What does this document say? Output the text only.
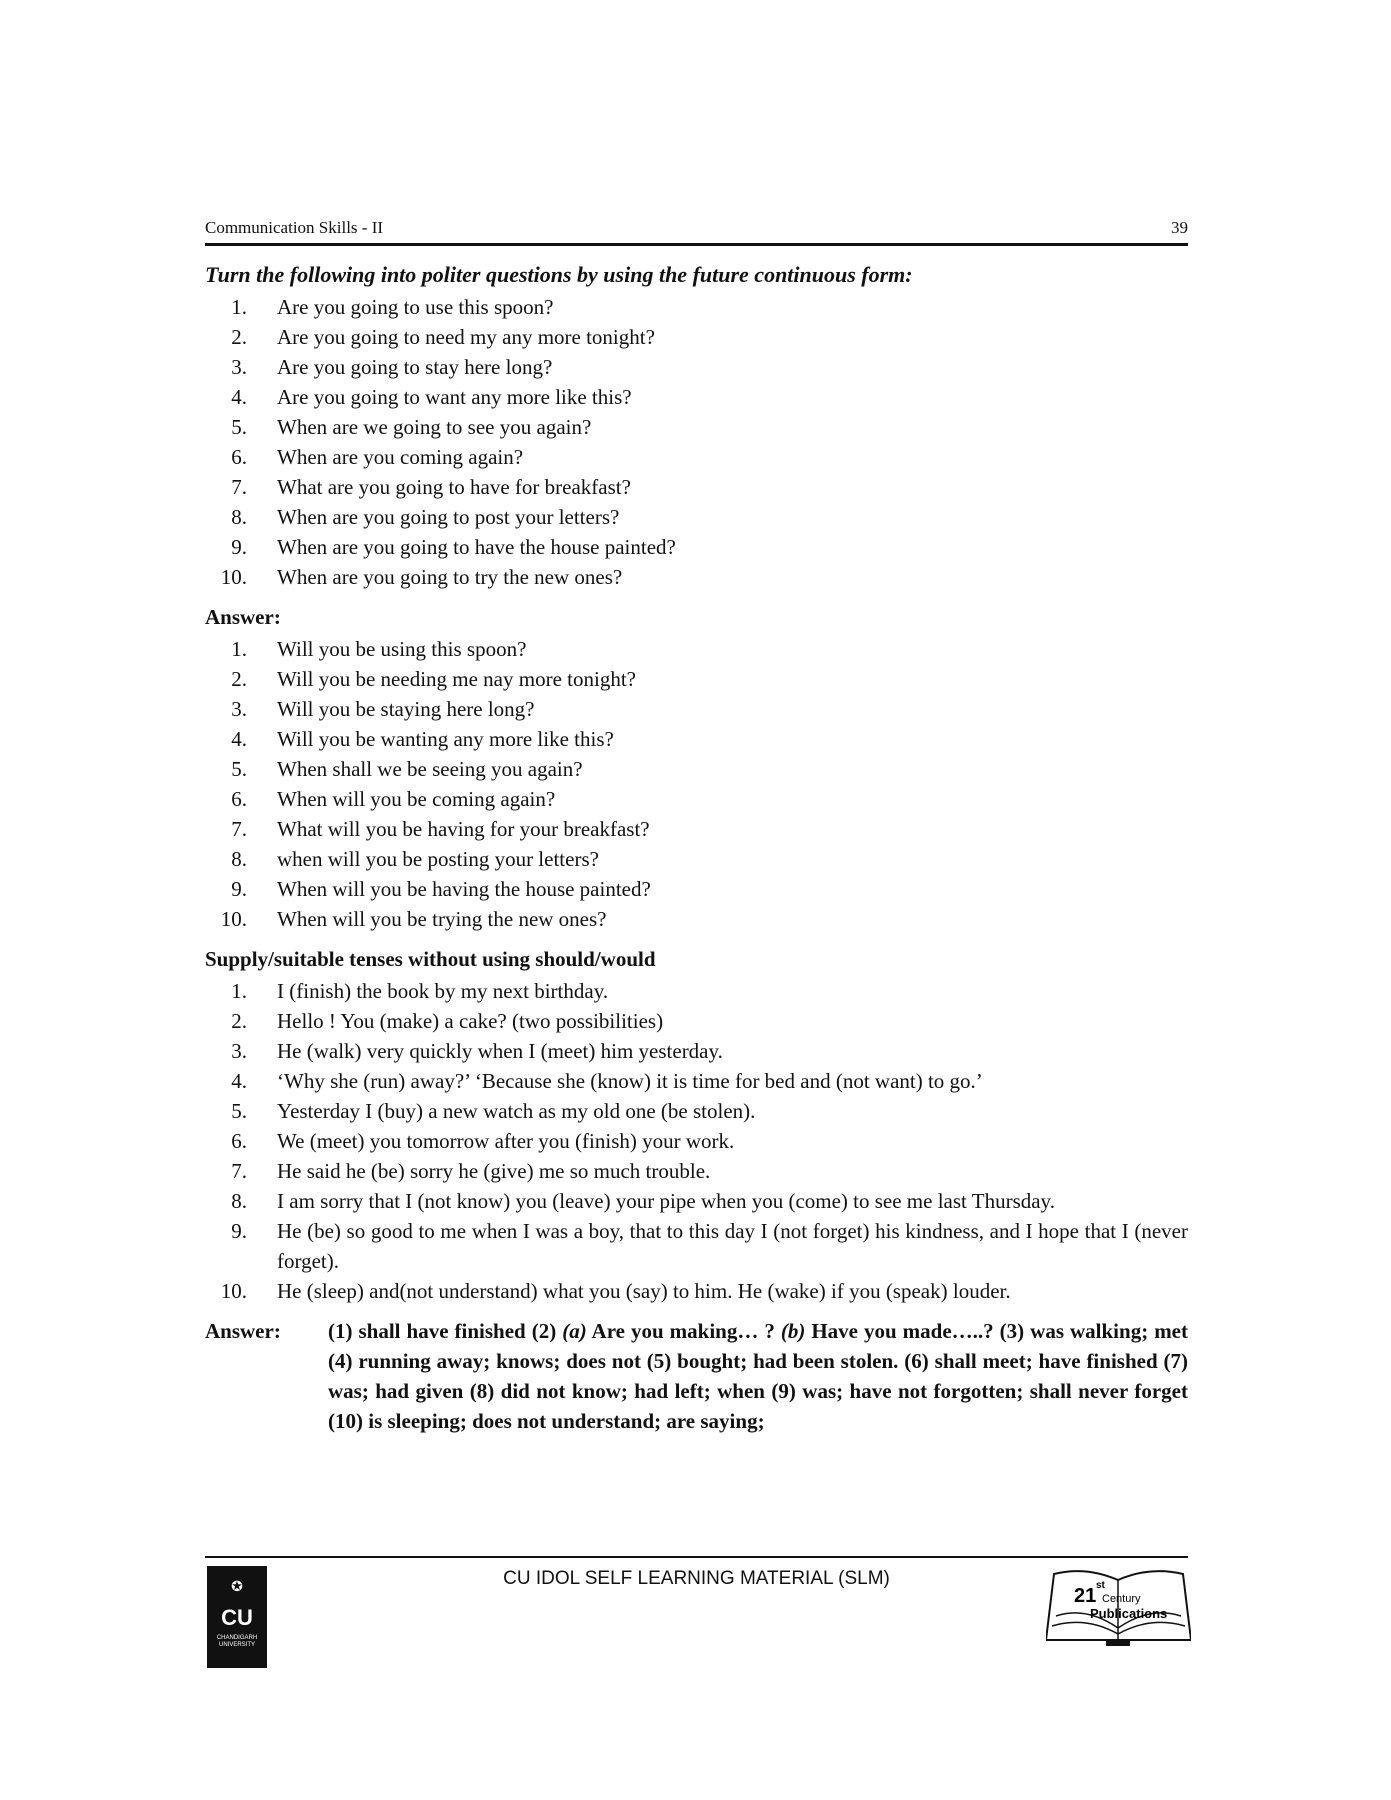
Communication Skills - II	39
Turn the following into politer questions by using the future continuous form:
1.	Are you going to use this spoon?
2.	Are you going to need my any more tonight?
3.	Are you going to stay here long?
4.	Are you going to want any more like this?
5.	When are we going to see you again?
6.	When are you coming again?
7.	What are you going to have for breakfast?
8.	When are you going to post your letters?
9.	When are you going to have the house painted?
10.	When are you going to try the new ones?
Answer:
1.	Will you be using this spoon?
2.	Will you be needing me nay more tonight?
3.	Will you be staying here long?
4.	Will you be wanting any more like this?
5.	When shall we be seeing you again?
6.	When will you be coming again?
7.	What will you be having for your breakfast?
8.	when will you be posting your letters?
9.	When will you be having the house painted?
10.	When will you be trying the new ones?
Supply/suitable tenses without using should/would
1.	I (finish) the book by my next birthday.
2.	Hello ! You (make) a cake? (two possibilities)
3.	He (walk) very quickly when I (meet) him yesterday.
4.	‘Why she (run) away?’ ‘Because she (know) it is time for bed and (not want) to go.’
5.	Yesterday I (buy) a new watch as my old one (be stolen).
6.	We (meet) you tomorrow after you (finish) your work.
7.	He said he (be) sorry he (give) me so much trouble.
8.	I am sorry that I (not know) you (leave) your pipe when you (come) to see me last Thursday.
9.	He (be) so good to me when I was a boy, that to this day I (not forget) his kindness, and I hope that I (never forget).
10.	He (sleep) and(not understand) what you (say) to him. He (wake) if you (speak) louder.
Answer:	(1) shall have finished (2) (a) Are you making… ? (b) Have you made…..? (3) was walking; met (4) running away; knows; does not (5) bought; had been stolen. (6) shall meet; have finished (7) was; had given (8) did not know; had left; when (9) was; have not forgotten; shall never forget (10) is sleeping; does not understand; are saying;
CU IDOL SELF LEARNING MATERIAL (SLM)
✪
CU
CHANDIGARH
UNIVERSITY
21 st
Century
Publications
